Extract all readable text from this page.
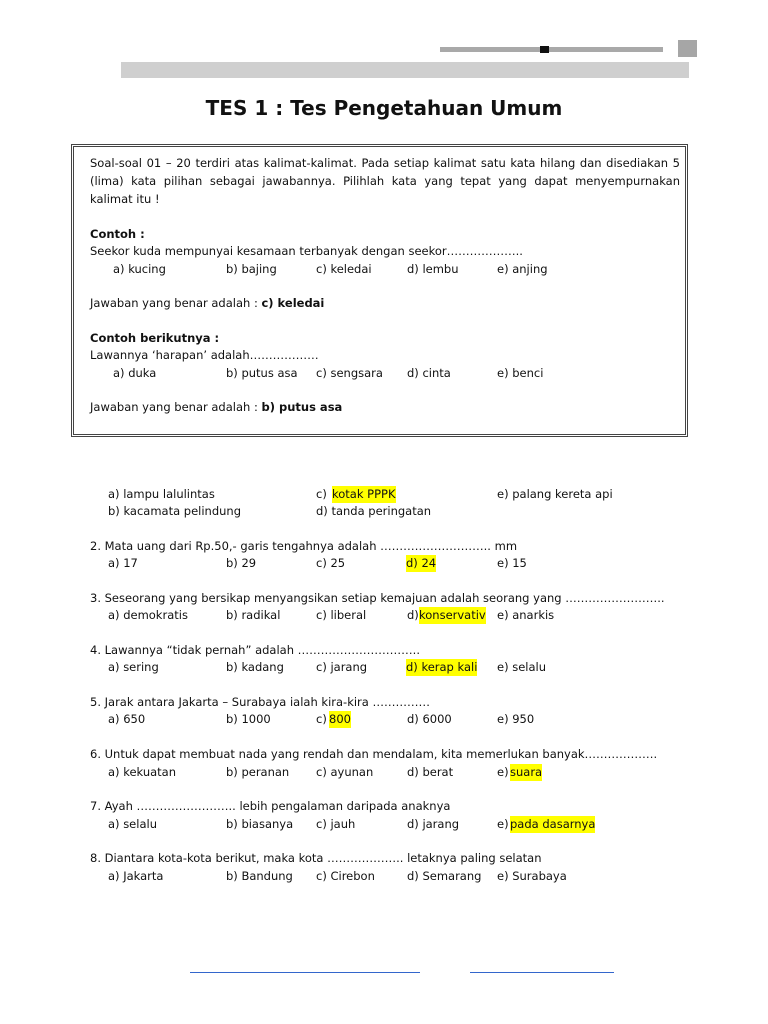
TES 1 : Tes Pengetahuan Umum
Soal-soal 01 – 20 terdiri atas kalimat-kalimat. Pada setiap kalimat satu kata hilang dan disediakan 5 (lima) kata pilihan sebagai jawabannya. Pilihlah kata yang tepat yang dapat menyempurnakan kalimat itu !
Contoh :
Seekor kuda mempunyai kesamaan terbanyak dengan seekor………………..
a) kucing	b) bajing	c) keledai	d) lembu	e) anjing
Jawaban yang benar adalah : c) keledai
Contoh berikutnya :
Lawannya ‘harapan’ adalah………………
a) duka	b) putus asa c) sengsara d) cinta	e) benci
Jawaban yang benar adalah : b) putus asa
a) lampu lalulintas	c) kotak PPPK	e) palang kereta api
b) kacamata pelindung	d) tanda peringatan
2. Mata uang dari Rp.50,- garis tengahnya adalah ……………………….. mm
a) 17	b) 29	c) 25	d) 24	e) 15
3. Seseorang yang bersikap menyangsikan setiap kemajuan adalah seorang yang ……………………..
a) demokratis	b) radikal	c) liberal	d) konservativ e) anarkis
4. Lawannya “tidak pernah” adalah …………………………..
a) sering	b) kadang	c) jarang	d) kerap kali e) selalu
5. Jarak antara Jakarta – Surabaya ialah kira-kira ……………
a) 650	b) 1000	c) 800	d) 6000	e) 950
6. Untuk dapat membuat nada yang rendah dan mendalam, kita memerlukan banyak……………….
a) kekuatan	b) peranan c) ayunan	d) berat	e) suara
7. Ayah …………………….. lebih pengalaman daripada anaknya
a) selalu	b) biasanya c) jauh	d) jarang	e) pada dasarnya
8. Diantara kota-kota berikut, maka kota ……………….. letaknya paling selatan
a) Jakarta	b) Bandung c) Cirebon	d) Semarang e) Surabaya
